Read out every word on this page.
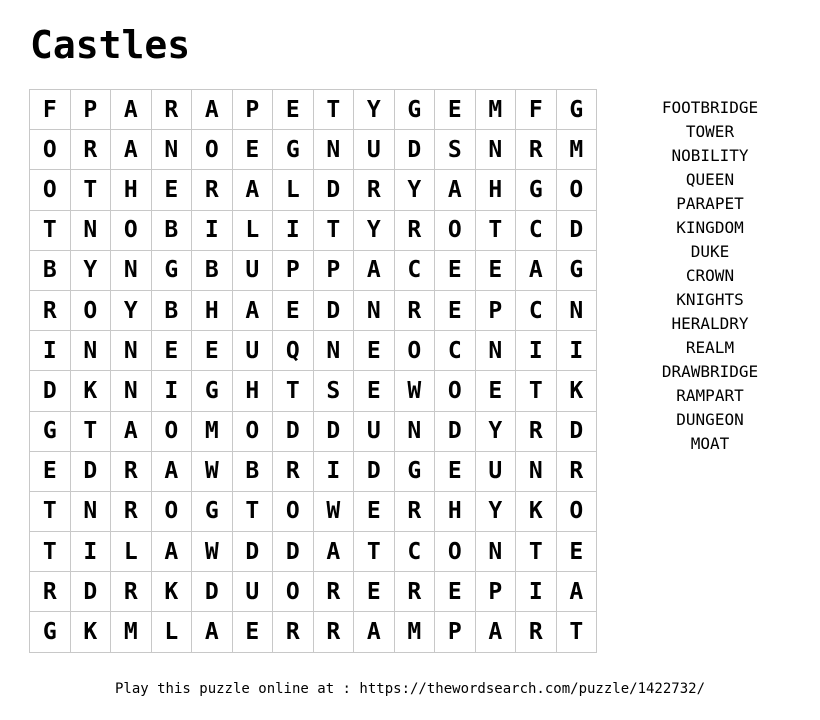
Castles
F	P	A	R	A	P	E	T	Y	G	E	M	F	G
O	R	A	N	O	E	G	N	U	D	S	N	R	M
O	T	H	E	R	A	L	D	R	Y	A	H	G	O
T	N	O	B	I	L	I	T	Y	R	O	T	C	D
B	Y	N	G	B	U	P	P	A	C	E	E	A	G
R	O	Y	B	H	A	E	D	N	R	E	P	C	N
I	N	N	E	E	U	Q	N	E	O	C	N	I	I
D	K	N	I	G	H	T	S	E	W	O	E	T	K
G	T	A	O	M	O	D	D	U	N	D	Y	R	D
E	D	R	A	W	B	R	I	D	G	E	U	N	R
T	N	R	O	G	T	O	W	E	R	H	Y	K	O
T	I	L	A	W	D	D	A	T	C	O	N	T	E
R	D	R	K	D	U	O	R	E	R	E	P	I	A
G	K	M	L	A	E	R	R	A	M	P	A	R	T
FOOTBRIDGE
TOWER
NOBILITY
QUEEN
PARAPET
KINGDOM
DUKE
CROWN
KNIGHTS
HERALDRY
REALM
DRAWBRIDGE
RAMPART
DUNGEON
MOAT
Play this puzzle online at : https://thewordsearch.com/puzzle/1422732/
